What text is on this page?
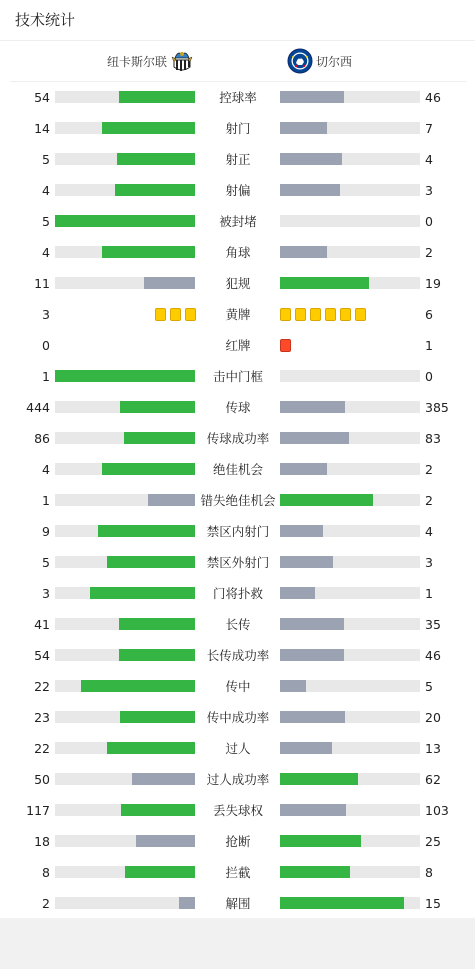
技术统计
纽卡斯尔联	切尔西
54	控球率	46
14	射门	7
5	射正	4
4	射偏	3
5	被封堵	0
4	角球	2
11	犯规	19
3	黄牌	6
0	红牌	1
1	击中门框	0
444	传球	385
86	传球成功率	83
4	绝佳机会	2
1	错失绝佳机会	2
9	禁区内射门	4
5	禁区外射门	3
3	门将扑救	1
41	长传	35
54	长传成功率	46
22	传中	5
23	传中成功率	20
22	过人	13
50	过人成功率	62
117	丢失球权	103
18	抢断	25
8	拦截	8
2	解围	15
